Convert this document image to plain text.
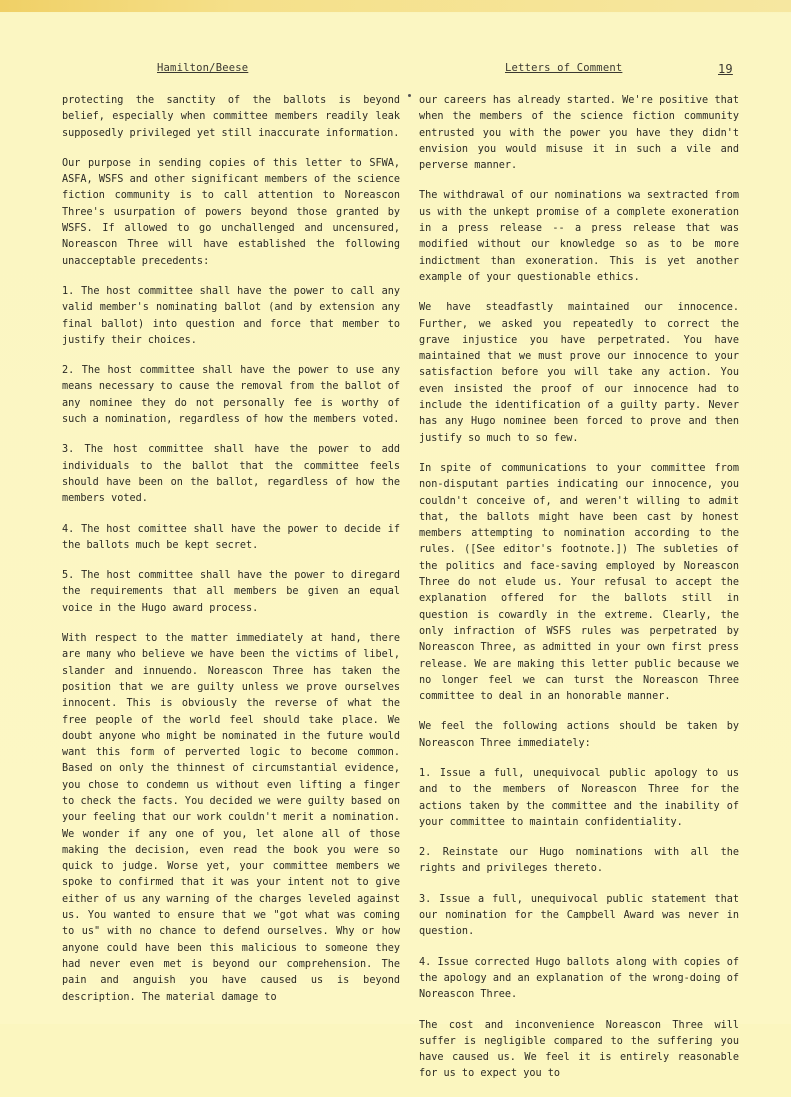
Hamilton/Beese	Letters of Comment	19

protecting the sanctity of the ballots is beyond belief, especially when committee members readily leak supposedly privileged yet still inaccurate information.

Our purpose in sending copies of this letter to SFWA, ASFA, WSFS and other significant members of the science fiction community is to call attention to Noreascon Three's usurpation of powers beyond those granted by WSFS. If allowed to go unchallenged and uncensured, Noreascon Three will have established the following unacceptable precedents:

1. The host committee shall have the power to call any valid member's nominating ballot (and by extension any final ballot) into question and force that member to justify their choices.

2. The host committee shall have the power to use any means necessary to cause the removal from the ballot of any nominee they do not personally fee is worthy of such a nomination, regardless of how the members voted.

3. The host committee shall have the power to add individuals to the ballot that the committee feels should have been on the ballot, regardless of how the members voted.

4. The host comittee shall have the power to decide if the ballots much be kept secret.

5. The host committee shall have the power to diregard the requirements that all members be given an equal voice in the Hugo award process.

With respect to the matter immediately at hand, there are many who believe we have been the victims of libel, slander and innuendo. Noreascon Three has taken the position that we are guilty unless we prove ourselves innocent. This is obviously the reverse of what the free people of the world feel should take place. We doubt anyone who might be nominated in the future would want this form of perverted logic to become common. Based on only the thinnest of circumstantial evidence, you chose to condemn us without even lifting a finger to check the facts. You decided we were guilty based on your feeling that our work couldn't merit a nomination. We wonder if any one of you, let alone all of those making the decision, even read the book you were so quick to judge. Worse yet, your committee members we spoke to confirmed that it was your intent not to give either of us any warning of the charges leveled against us. You wanted to ensure that we "got what was coming to us" with no chance to defend ourselves. Why or how anyone could have been this malicious to someone they had never even met is beyond our comprehension. The pain and anguish you have caused us is beyond description. The material damage to

our careers has already started. We're positive that when the members of the science fiction community entrusted you with the power you have they didn't envision you would misuse it in such a vile and perverse manner.

The withdrawal of our nominations wa sextracted from us with the unkept promise of a complete exoneration in a press release -- a press release that was modified without our knowledge so as to be more indictment than exoneration. This is yet another example of your questionable ethics.

We have steadfastly maintained our innocence. Further, we asked you repeatedly to correct the grave injustice you have perpetrated. You have maintained that we must prove our innocence to your satisfaction before you will take any action. You even insisted the proof of our innocence had to include the identification of a guilty party. Never has any Hugo nominee been forced to prove and then justify so much to so few.

In spite of communications to your committee from non-disputant parties indicating our innocence, you couldn't conceive of, and weren't willing to admit that, the ballots might have been cast by honest members attempting to nomination according to the rules. ([See editor's footnote.]) The subleties of the politics and face-saving employed by Noreascon Three do not elude us. Your refusal to accept the explanation offered for the ballots still in question is cowardly in the extreme. Clearly, the only infraction of WSFS rules was perpetrated by Noreascon Three, as admitted in your own first press release. We are making this letter public because we no longer feel we can turst the Noreascon Three committee to deal in an honorable manner.

We feel the following actions should be taken by Noreascon Three immediately:

1. Issue a full, unequivocal public apology to us and to the members of Noreascon Three for the actions taken by the committee and the inability of your committee to maintain confidentiality.

2. Reinstate our Hugo nominations with all the rights and privileges thereto.

3. Issue a full, unequivocal public statement that our nomination for the Campbell Award was never in question.

4. Issue corrected Hugo ballots along with copies of the apology and an explanation of the wrong-doing of Noreascon Three.

The cost and inconvenience Noreascon Three will suffer is negligible compared to the suffering you have caused us. We feel it is entirely reasonable for us to expect you to
